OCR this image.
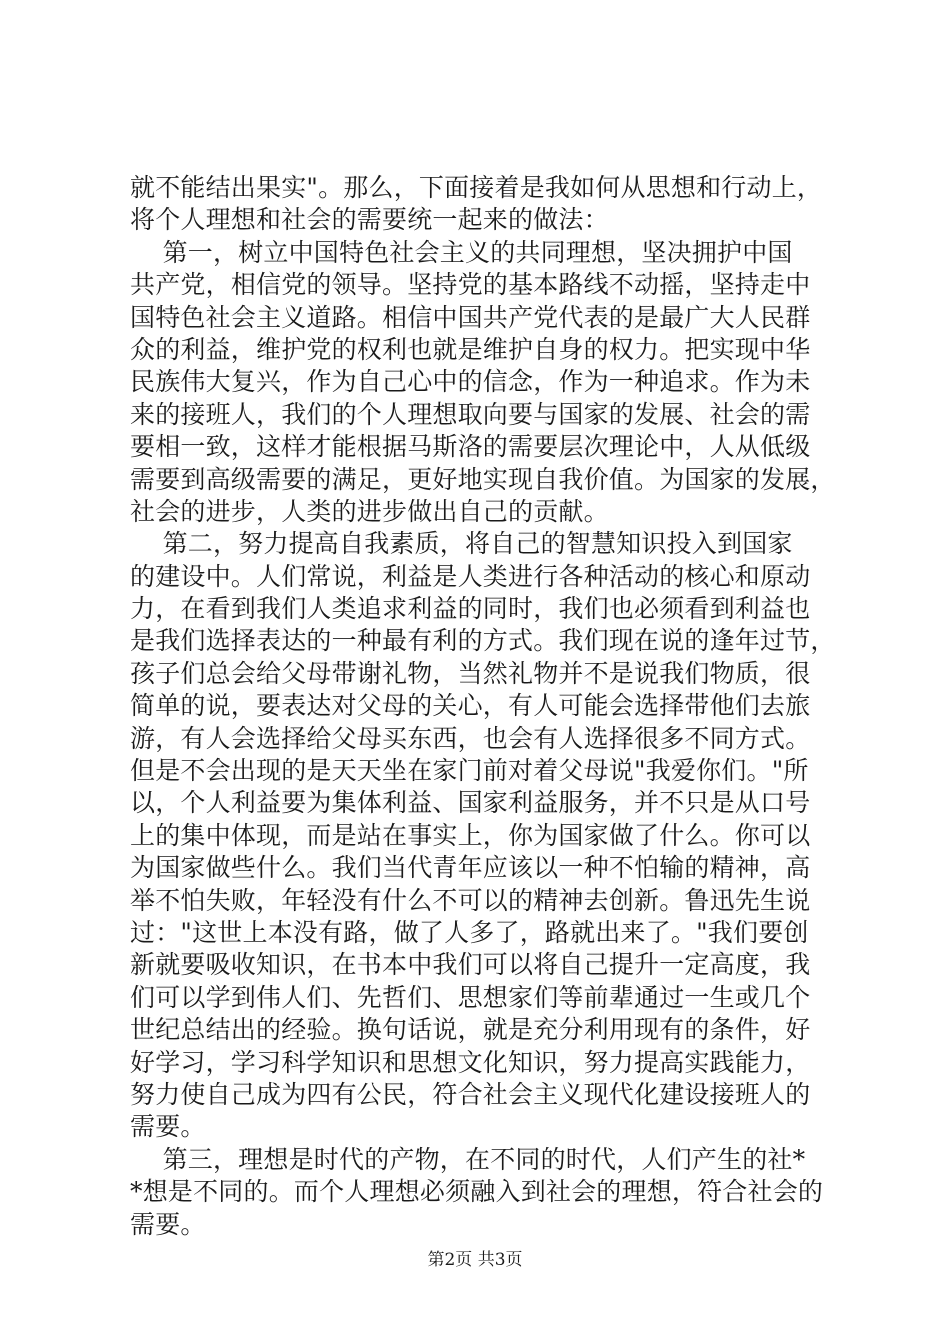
就不能结出果实"。那么，下面接着是我如何从思想和行动上，
将个人理想和社会的需要统一起来的做法：
第一，树立中国特色社会主义的共同理想，坚决拥护中国
共产党，相信党的领导。坚持党的基本路线不动摇，坚持走中
国特色社会主义道路。相信中国共产党代表的是最广大人民群
众的利益，维护党的权利也就是维护自身的权力。把实现中华
民族伟大复兴，作为自己心中的信念，作为一种追求。作为未
来的接班人，我们的个人理想取向要与国家的发展、社会的需
要相一致，这样才能根据马斯洛的需要层次理论中，人从低级
需要到高级需要的满足，更好地实现自我价值。为国家的发展，
社会的进步，人类的进步做出自己的贡献。
第二，努力提高自我素质，将自己的智慧知识投入到国家
的建设中。人们常说，利益是人类进行各种活动的核心和原动
力，在看到我们人类追求利益的同时，我们也必须看到利益也
是我们选择表达的一种最有利的方式。我们现在说的逢年过节，
孩子们总会给父母带谢礼物，当然礼物并不是说我们物质，很
简单的说，要表达对父母的关心，有人可能会选择带他们去旅
游，有人会选择给父母买东西，也会有人选择很多不同方式。
但是不会出现的是天天坐在家门前对着父母说"我爱你们。"所
以，个人利益要为集体利益、国家利益服务，并不只是从口号
上的集中体现，而是站在事实上，你为国家做了什么。你可以
为国家做些什么。我们当代青年应该以一种不怕输的精神，高
举不怕失败，年轻没有什么不可以的精神去创新。鲁迅先生说
过："这世上本没有路，做了人多了，路就出来了。"我们要创
新就要吸收知识，在书本中我们可以将自己提升一定高度，我
们可以学到伟人们、先哲们、思想家们等前辈通过一生或几个
世纪总结出的经验。换句话说，就是充分利用现有的条件，好
好学习，学习科学知识和思想文化知识，努力提高实践能力，
努力使自己成为四有公民，符合社会主义现代化建设接班人的
需要。
第三，理想是时代的产物，在不同的时代，人们产生的社*
*想是不同的。而个人理想必须融入到社会的理想，符合社会的
需要。
第2页 共3页
